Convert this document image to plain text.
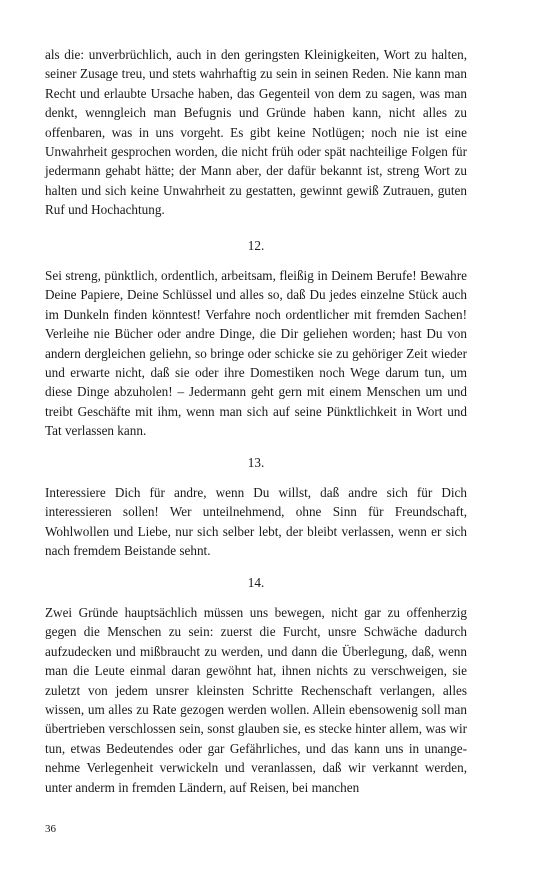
als die: unverbrüchlich, auch in den geringsten Kleinigkeiten, Wort zu halten, seiner Zusage treu, und stets wahrhaftig zu sein in seinen Reden. Nie kann man Recht und erlaubte Ursache haben, das Gegenteil von dem zu sagen, was man denkt, wenngleich man Befugnis und Gründe haben kann, nicht alles zu offenbaren, was in uns vorgeht. Es gibt keine Notlügen; noch nie ist eine Unwahrheit gesprochen worden, die nicht früh oder spät nachteilige Folgen für jedermann gehabt hätte; der Mann aber, der dafür bekannt ist, streng Wort zu halten und sich keine Unwahrheit zu gestatten, gewinnt gewiß Zutrauen, guten Ruf und Hochachtung.

12.

Sei streng, pünktlich, ordentlich, arbeitsam, fleißig in Deinem Berufe! Bewahre Deine Papiere, Deine Schlüssel und alles so, daß Du jedes einzelne Stück auch im Dunkeln finden könntest! Verfahre noch ordentlicher mit fremden Sachen! Verleihe nie Bücher oder andre Dinge, die Dir geliehen worden; hast Du von andern dergleichen geliehn, so bringe oder schicke sie zu gehöriger Zeit wieder und erwarte nicht, daß sie oder ihre Domestiken noch Wege darum tun, um diese Dinge abzuholen! – Jedermann geht gern mit einem Menschen um und treibt Geschäfte mit ihm, wenn man sich auf seine Pünktlichkeit in Wort und Tat verlassen kann.

13.

Interessiere Dich für andre, wenn Du willst, daß andre sich für Dich interessieren sollen! Wer unteilnehmend, ohne Sinn für Freundschaft, Wohlwollen und Liebe, nur sich selber lebt, der bleibt verlassen, wenn er sich nach fremdem Beistande sehnt.

14.

Zwei Gründe hauptsächlich müssen uns bewegen, nicht gar zu offenherzig gegen die Menschen zu sein: zuerst die Furcht, unsre Schwäche dadurch aufzudecken und mißbraucht zu werden, und dann die Überlegung, daß, wenn man die Leute einmal daran gewöhnt hat, ihnen nichts zu verschweigen, sie zuletzt von jedem unsrer kleinsten Schritte Rechenschaft verlangen, alles wissen, um alles zu Rate gezogen werden wollen. Allein ebensowenig soll man übertrieben verschlossen sein, sonst glauben sie, es stecke hinter allem, was wir tun, etwas Bedeutendes oder gar Gefährliches, und das kann uns in unangenehme Verlegenheit verwickeln und veranlassen, daß wir verkannt werden, unter anderm in fremden Ländern, auf Reisen, bei manchen

36
